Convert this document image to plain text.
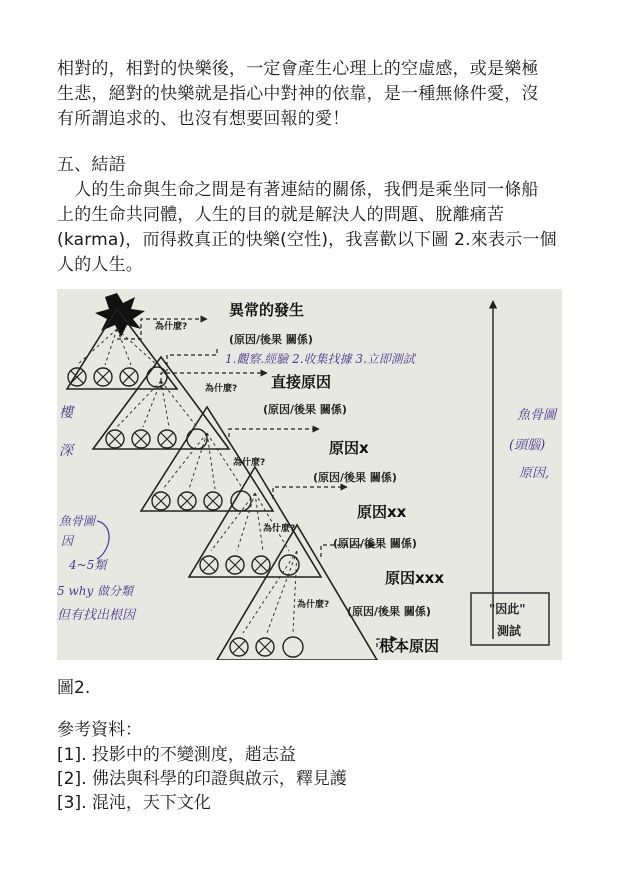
相對的，相對的快樂後，一定會產生心理上的空虛感，或是樂極
生悲，絕對的快樂就是指心中對神的依靠，是一種無條件愛，沒
有所謂追求的、也沒有想要回報的愛！
五、結語
　人的生命與生命之間是有著連結的關係，我們是乘坐同一條船
上的生命共同體，人生的目的就是解決人的問題、脫離痛苦
(karma)，而得救真正的快樂(空性)，我喜歡以下圖 2.來表示一個
人的人生。
異常的發生
直接原因
原因x
原因xx
原因xxx
根本原因
(原因/後果 關係)
(原因/後果 關係)
(原因/後果 關係)
(原因/後果 關係)
(原因/後果 關係)
為什麼?
為什麼?
為什麼?
為什麼?
為什麼?	"因此"
測試
1.觀察.經驗 2.收集找據 3.立即測試
魚骨圖
(頭腦)
原因,
樓
深
魚骨圖
因
4~5類
5 why 做分類
但有找出根因
圖2.
參考資料：
[1]. 投影中的不變測度，趙志益
[2]. 佛法與科學的印證與啟示，釋見護
[3]. 混沌，天下文化
